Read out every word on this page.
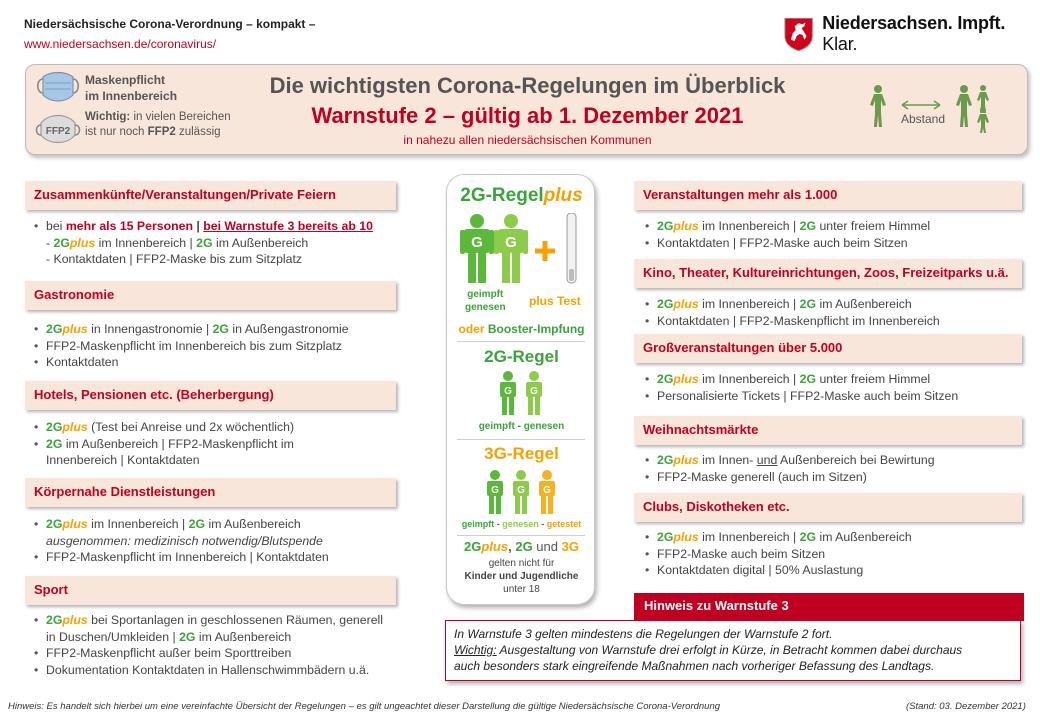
Niedersächsische Corona-Verordnung – kompakt –
www.niedersachsen.de/coronavirus/
Niedersachsen. Impft. Klar.
FFP2
Maskenpflicht
im Innenbereich
Wichtig: in vielen Bereichen
ist nur noch FFP2 zulässig
Die wichtigsten Corona-Regelungen im Überblick
Warnstufe 2 – gültig ab 1. Dezember 2021
in nahezu allen niedersächsischen Kommunen
Abstand
Zusammenkünfte/Veranstaltungen/Private Feiern
• bei mehr als 15 Personen | bei Warnstufe 3 bereits ab 10
- 2Gplus im Innenbereich | 2G im Außenbereich
- Kontaktdaten | FFP2-Maske bis zum Sitzplatz
Gastronomie
• 2Gplus in Innengastronomie | 2G in Außengastronomie
• FFP2-Maskenpflicht im Innenbereich bis zum Sitzplatz
• Kontaktdaten
Hotels, Pensionen etc. (Beherbergung)
• 2Gplus (Test bei Anreise und 2x wöchentlich)
• 2G im Außenbereich | FFP2-Maskenpflicht im
Innenbereich | Kontaktdaten
Körpernahe Dienstleistungen
• 2Gplus im Innenbereich | 2G im Außenbereich
ausgenommen: medizinisch notwendig/Blutspende
• FFP2-Maskenpflicht im Innenbereich | Kontaktdaten
Sport
• 2Gplus bei Sportanlagen in geschlossenen Räumen, generell
in Duschen/Umkleiden | 2G im Außenbereich
• FFP2-Maskenpflicht außer beim Sporttreiben
• Dokumentation Kontaktdaten in Hallenschwimmbädern u.ä.
2G-Regelplus
G G
geimpft
genesen plus Test
oder Booster-Impfung
2G-Regel
G G
geimpft - genesen
3G-Regel
G G G
geimpft - genesen - getestet
2Gplus, 2G und 3G
gelten nicht für
Kinder und Jugendliche
unter 18
Veranstaltungen mehr als 1.000
• 2Gplus im Innenbereich | 2G unter freiem Himmel
• Kontaktdaten | FFP2-Maske auch beim Sitzen
Kino, Theater, Kultureinrichtungen, Zoos, Freizeitparks u.ä.
• 2Gplus im Innenbereich | 2G im Außenbereich
• Kontaktdaten | FFP2-Maskenpflicht im Innenbereich
Großveranstaltungen über 5.000
• 2Gplus im Innenbereich | 2G unter freiem Himmel
• Personalisierte Tickets | FFP2-Maske auch beim Sitzen
Weihnachtsmärkte
• 2Gplus im Innen- und Außenbereich bei Bewirtung
• FFP2-Maske generell (auch im Sitzen)
Clubs, Diskotheken etc.
• 2Gplus im Innenbereich | 2G im Außenbereich
• FFP2-Maske auch beim Sitzen
• Kontaktdaten digital | 50% Auslastung
Hinweis zu Warnstufe 3
In Warnstufe 3 gelten mindestens die Regelungen der Warnstufe 2 fort.
Wichtig: Ausgestaltung von Warnstufe drei erfolgt in Kürze, in Betracht kommen dabei durchaus
auch besonders stark eingreifende Maßnahmen nach vorheriger Befassung des Landtags.
Hinweis: Es handelt sich hierbei um eine vereinfachte Übersicht der Regelungen – es gilt ungeachtet dieser Darstellung die gültige Niedersächsische Corona-Verordnung	(Stand: 03. Dezember 2021)
